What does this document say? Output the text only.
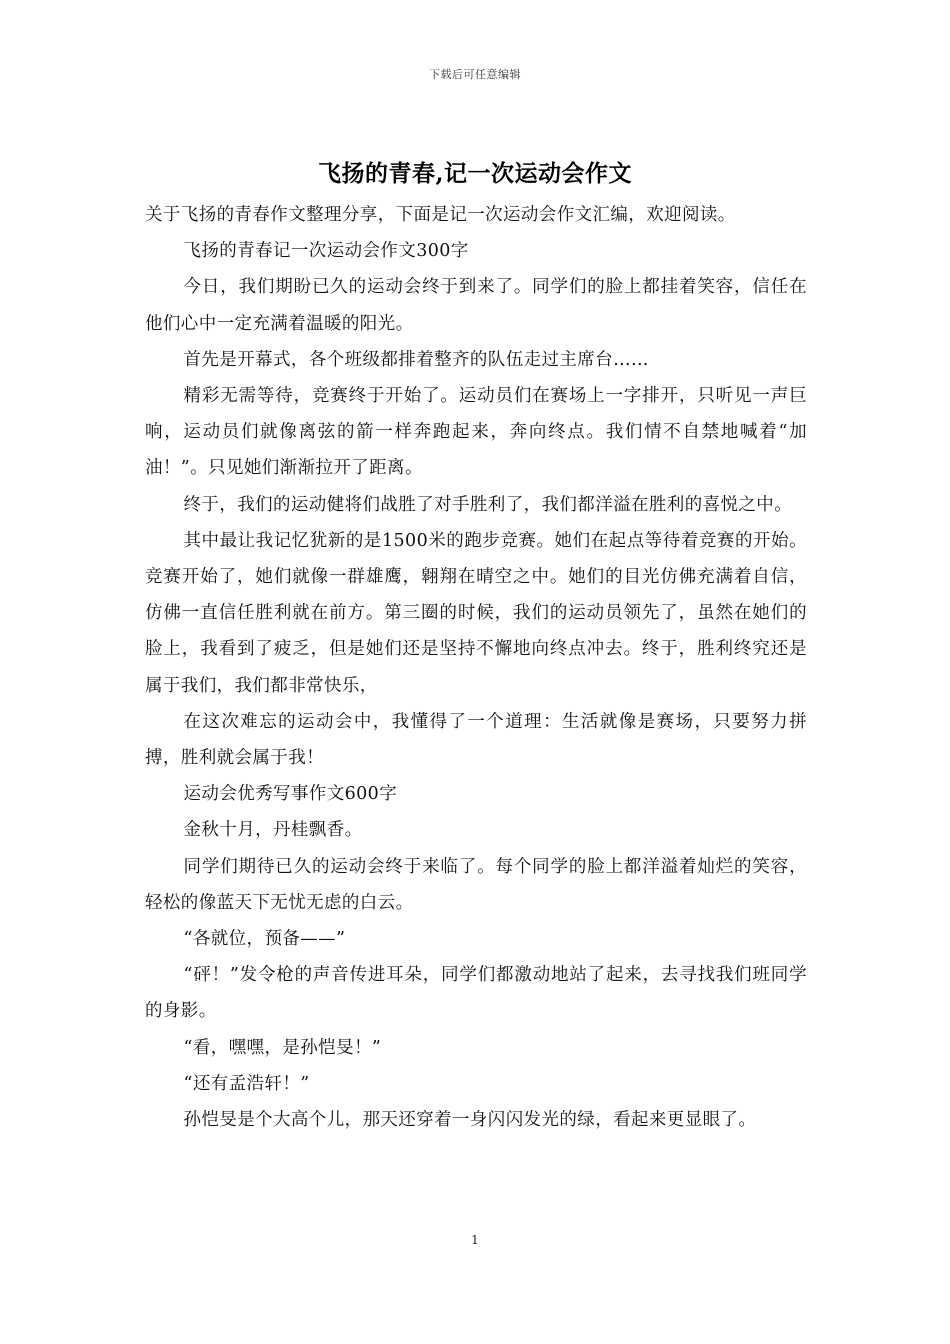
下载后可任意编辑
飞扬的青春,记一次运动会作文

关于飞扬的青春作文整理分享，下面是记一次运动会作文汇编，欢迎阅读。

飞扬的青春记一次运动会作文300字

今日，我们期盼已久的运动会终于到来了。同学们的脸上都挂着笑容，信任在他们心中一定充满着温暖的阳光。

首先是开幕式，各个班级都排着整齐的队伍走过主席台……

精彩无需等待，竞赛终于开始了。运动员们在赛场上一字排开，只听见一声巨响，运动员们就像离弦的箭一样奔跑起来，奔向终点。我们情不自禁地喊着“加油！”。只见她们渐渐拉开了距离。

终于，我们的运动健将们战胜了对手胜利了，我们都洋溢在胜利的喜悦之中。

其中最让我记忆犹新的是1500米的跑步竞赛。她们在起点等待着竞赛的开始。竞赛开始了，她们就像一群雄鹰，翱翔在晴空之中。她们的目光仿佛充满着自信，仿佛一直信任胜利就在前方。第三圈的时候，我们的运动员领先了，虽然在她们的脸上，我看到了疲乏，但是她们还是坚持不懈地向终点冲去。终于，胜利终究还是属于我们，我们都非常快乐，

在这次难忘的运动会中，我懂得了一个道理：生活就像是赛场，只要努力拼搏，胜利就会属于我！

运动会优秀写事作文600字

金秋十月，丹桂飘香。

同学们期待已久的运动会终于来临了。每个同学的脸上都洋溢着灿烂的笑容，轻松的像蓝天下无忧无虑的白云。

“各就位，预备——”

“砰！”发令枪的声音传进耳朵，同学们都激动地站了起来，去寻找我们班同学的身影。

“看，嘿嘿，是孙恺旻！”

“还有孟浩轩！”

孙恺旻是个大高个儿，那天还穿着一身闪闪发光的绿，看起来更显眼了。

1
